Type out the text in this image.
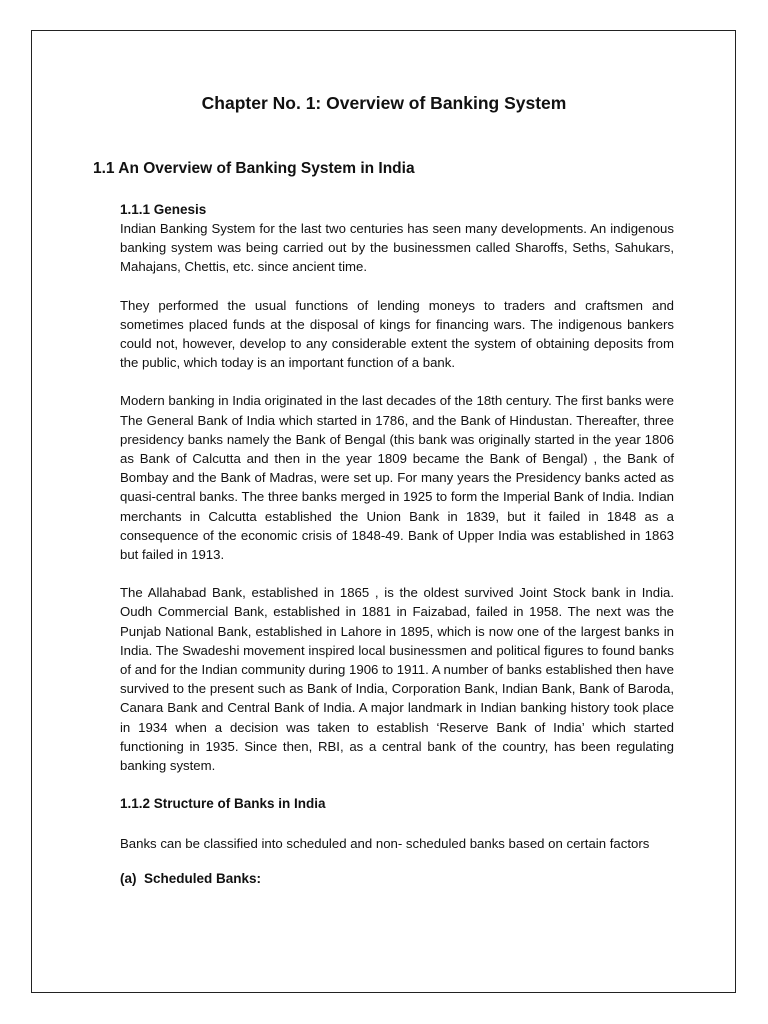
Chapter No. 1: Overview of Banking System
1.1 An Overview of Banking System in India
1.1.1 Genesis

Indian Banking System for the last two centuries has seen many developments. An indigenous banking system was being carried out by the businessmen called Sharoffs, Seths, Sahukars, Mahajans, Chettis, etc. since ancient time.

They performed the usual functions of lending moneys to traders and craftsmen and sometimes placed funds at the disposal of kings for financing wars. The indigenous bankers could not, however, develop to any considerable extent the system of obtaining deposits from the public, which today is an important function of a bank.

Modern banking in India originated in the last decades of the 18th century. The first banks were The General Bank of India which started in 1786, and the Bank of Hindustan. Thereafter, three presidency banks namely the Bank of Bengal (this bank was originally started in the year 1806 as Bank of Calcutta and then in the year 1809 became the Bank of Bengal) , the Bank of Bombay and the Bank of Madras, were set up. For many years the Presidency banks acted as quasi-central banks. The three banks merged in 1925 to form the Imperial Bank of India. Indian merchants in Calcutta established the Union Bank in 1839, but it failed in 1848 as a consequence of the economic crisis of 1848-49. Bank of Upper India was established in 1863 but failed in 1913.

The Allahabad Bank, established in 1865 , is the oldest survived Joint Stock bank in India. Oudh Commercial Bank, established in 1881 in Faizabad, failed in 1958. The next was the Punjab National Bank, established in Lahore in 1895, which is now one of the largest banks in India. The Swadeshi movement inspired local businessmen and political figures to found banks of and for the Indian community during 1906 to 1911. A number of banks established then have survived to the present such as Bank of India, Corporation Bank, Indian Bank, Bank of Baroda, Canara Bank and Central Bank of India. A major landmark in Indian banking history took place in 1934 when a decision was taken to establish ‘Reserve Bank of India’ which started functioning in 1935. Since then, RBI, as a central bank of the country, has been regulating banking system.

1.1.2 Structure of Banks in India

Banks can be classified into scheduled and non- scheduled banks based on certain factors

(a) Scheduled Banks:
